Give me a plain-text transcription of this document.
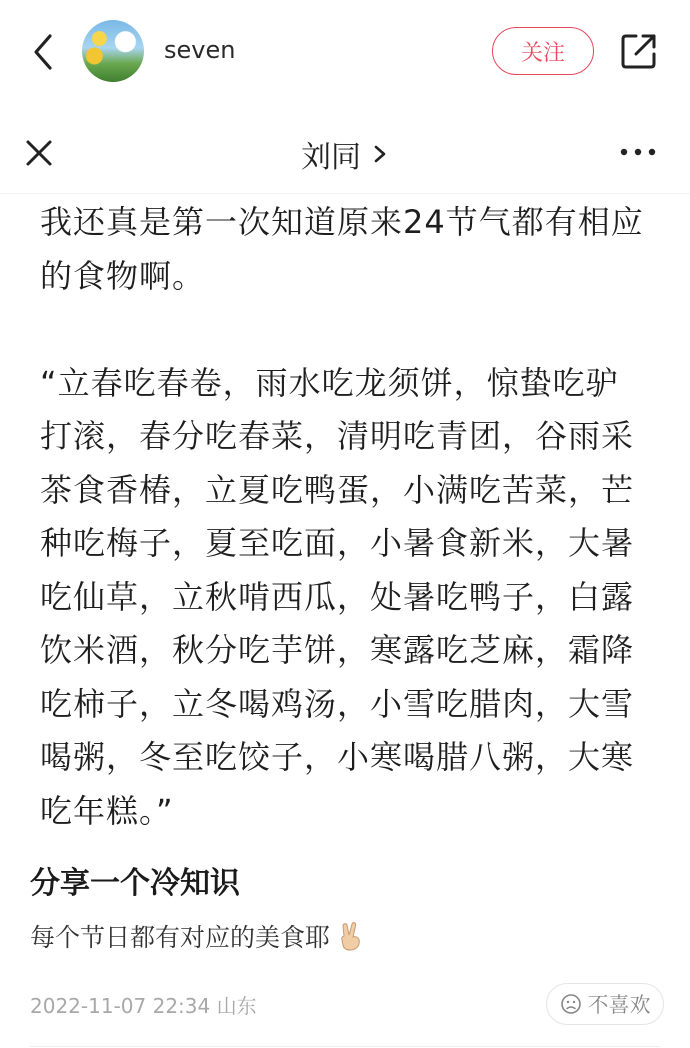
seven	关注
刘同

我还真是第一次知道原来24节气都有相应
的食物啊。

“立春吃春卷，雨水吃龙须饼，惊蛰吃驴
打滚，春分吃春菜，清明吃青团，谷雨采
茶食香椿，立夏吃鸭蛋，小满吃苦菜，芒
种吃梅子，夏至吃面，小暑食新米，大暑
吃仙草，立秋啃西瓜，处暑吃鸭子，白露
饮米酒，秋分吃芋饼，寒露吃芝麻，霜降
吃柿子，立冬喝鸡汤，小雪吃腊肉，大雪
喝粥，冬至吃饺子，小寒喝腊八粥，大寒
吃年糕。”

分享一个冷知识
每个节日都有对应的美食耶
2022-11-07 22:34 山东	不喜欢
